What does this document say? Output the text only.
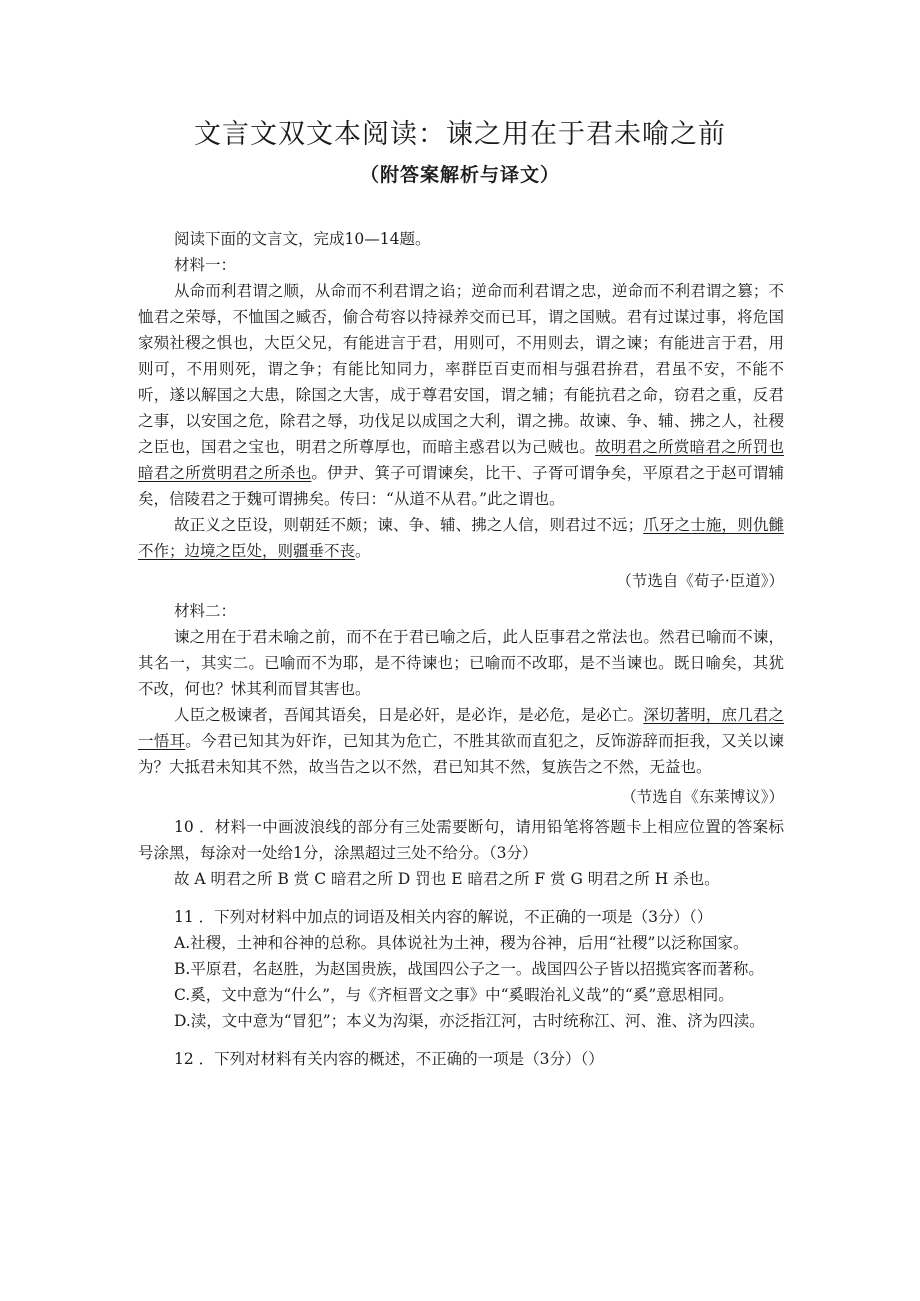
文言文双文本阅读：谏之用在于君未喻之前
（附答案解析与译文）

阅读下面的文言文，完成10—14题。

材料一：

从命而利君谓之顺，从命而不利君谓之谄；逆命而利君谓之忠，逆命而不利君谓之篡；不恤君之荣辱，不恤国之臧否，偷合苟容以持禄养交而已耳，谓之国贼。君有过谋过事，将危国家殒社稷之惧也，大臣父兄，有能进言于君，用则可，不用则去，谓之谏；有能进言于君，用则可，不用则死，谓之争；有能比知同力，率群臣百吏而相与强君拚君，君虽不安，不能不听，遂以解国之大患，除国之大害，成于尊君安国，谓之辅；有能抗君之命，窃君之重，反君之事，以安国之危，除君之辱，功伐足以成国之大利，谓之拂。故谏、争、辅、拂之人，社稷之臣也，国君之宝也，明君之所尊厚也，而暗主惑君以为己贼也。故明君之所赏暗君之所罚也暗君之所赏明君之所杀也。伊尹、箕子可谓谏矣，比干、子胥可谓争矣，平原君之于赵可谓辅矣，信陵君之于魏可谓拂矣。传曰：“从道不从君。”此之谓也。

故正义之臣设，则朝廷不颇；谏、争、辅、拂之人信，则君过不远；爪牙之士施，则仇雠不作；边境之臣处，则疆垂不丧。

（节选自《荀子·臣道》）

材料二：

谏之用在于君未喻之前，而不在于君已喻之后，此人臣事君之常法也。然君已喻而不谏，其名一，其实二。已喻而不为耶，是不待谏也；已喻而不改耶，是不当谏也。既日喻矣，其犹不改，何也？怵其利而冒其害也。

人臣之极谏者，吾闻其语矣，日是必奸，是必诈，是必危，是必亡。深切著明，庶几君之一悟耳。今君已知其为奸诈，已知其为危亡，不胜其欲而直犯之，反饰游辞而拒我，又关以谏为？大抵君未知其不然，故当告之以不然，君已知其不然，复族告之不然，无益也。

（节选自《东莱博议》）

10 ．材料一中画波浪线的部分有三处需要断句，请用铅笔将答题卡上相应位置的答案标号涂黑，每涂对一处给1分，涂黑超过三处不给分。（3分）

故 A 明君之所 B 赏 C 暗君之所 D 罚也 E 暗君之所 F 赏 G 明君之所 H 杀也。

11 ．下列对材料中加点的词语及相关内容的解说，不正确的一项是（3分）（）

A.社稷，土神和谷神的总称。具体说社为土神，稷为谷神，后用“社稷”以泛称国家。

B.平原君，名赵胜，为赵国贵族，战国四公子之一。战国四公子皆以招揽宾客而著称。

C.奚，文中意为“什么”，与《齐桓晋文之事》中“奚暇治礼义哉”的“奚”意思相同。

D.渎，文中意为“冒犯”；本义为沟渠，亦泛指江河，古时统称江、河、淮、济为四渎。

12 ．下列对材料有关内容的概述，不正确的一项是（3分）（）
